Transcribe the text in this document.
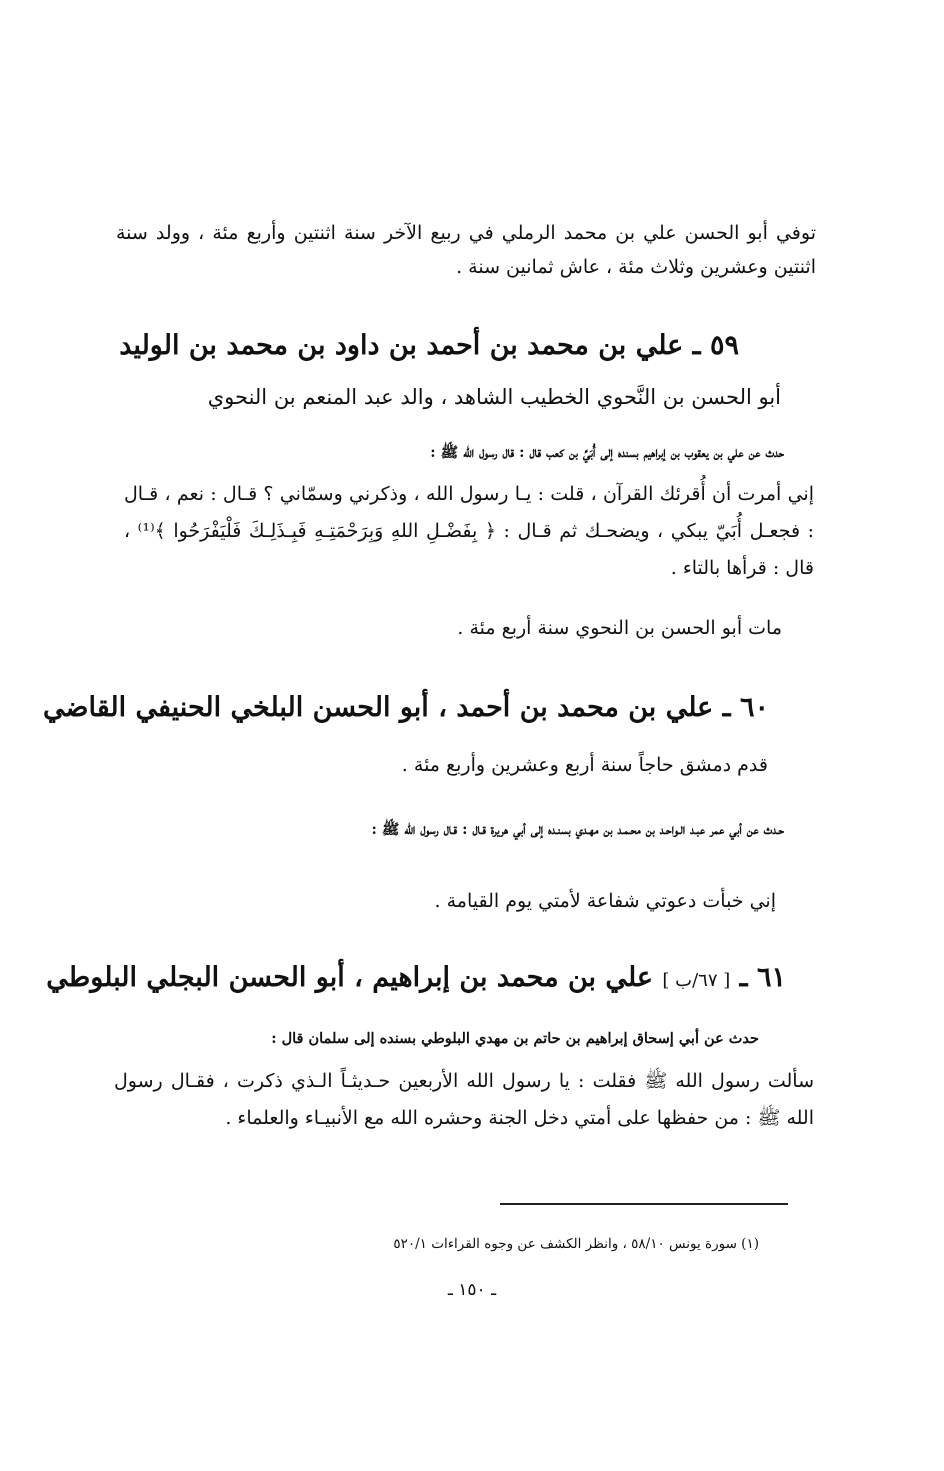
توفي أبو الحسن علي بن محمد الرملي في ربيع الآخر سنة اثنتين وأربع مئة ، وولد سنة اثنتين وعشرين وثلاث مئة ، عاش ثمانين سنة .

٥٩ ـ علي بن محمد بن أحمد بن داود بن محمد بن الوليد

أبو الحسن بن النَّحوي الخطيب الشاهد ، والد عبد المنعم بن النحوي

حدث عن علي بن يعقوب بن إبراهيم بسنده إلى أُبَيِّ بن كعب قال : قال رسول الله ﷺ :

إني أمرت أن أُقرئك القرآن ، قلت : يـا رسول الله ، وذكرني وسمّاني ؟ قـال : نعم ، قـال : فجعـل أُبَيّ يبكي ، ويضحـك ثم قـال : ﴿ بِفَضْـلِ اللهِ وَبِرَحْمَتِـهِ فَبِـذَلِـكَ فَلْيَفْرَحُوا ﴾⁽¹⁾ ، قال : قرأها بالتاء .

مات أبو الحسن بن النحوي سنة أربع مئة .

٦٠ ـ علي بن محمد بن أحمد ، أبو الحسن البلخي الحنيفي القاضي

قدم دمشق حاجاً سنة أربع وعشرين وأربع مئة .

حـدث عن أبي عمر عبـد الـواحـد بن محـمـد بن مهـدي بسنـده إلى أبي هريرة قـال : قـال رسول الله ﷺ :

إني خبأت دعوتي شفاعة لأمتي يوم القيامة .

٦١ ـ [ ٦٧/ب ] علي بن محمد بن إبراهيم ، أبو الحسن البجلي البلوطي

حدث عن أبي إسحاق إبراهيم بن حاتم بن مهدي البلوطي بسنده إلى سلمان قال :

سألت رسول الله ﷺ فقلت : يا رسول الله الأربعين حـديثـاً الـذي ذكرت ، فقـال رسول الله ﷺ : من حفظها على أمتي دخل الجنة وحشره الله مع الأنبيـاء والعلماء .

(١) سورة يونس ٥٨/١٠ ، وانظر الكشف عن وجوه القراءات ٥٢٠/١

ـ ١٥٠ ـ
